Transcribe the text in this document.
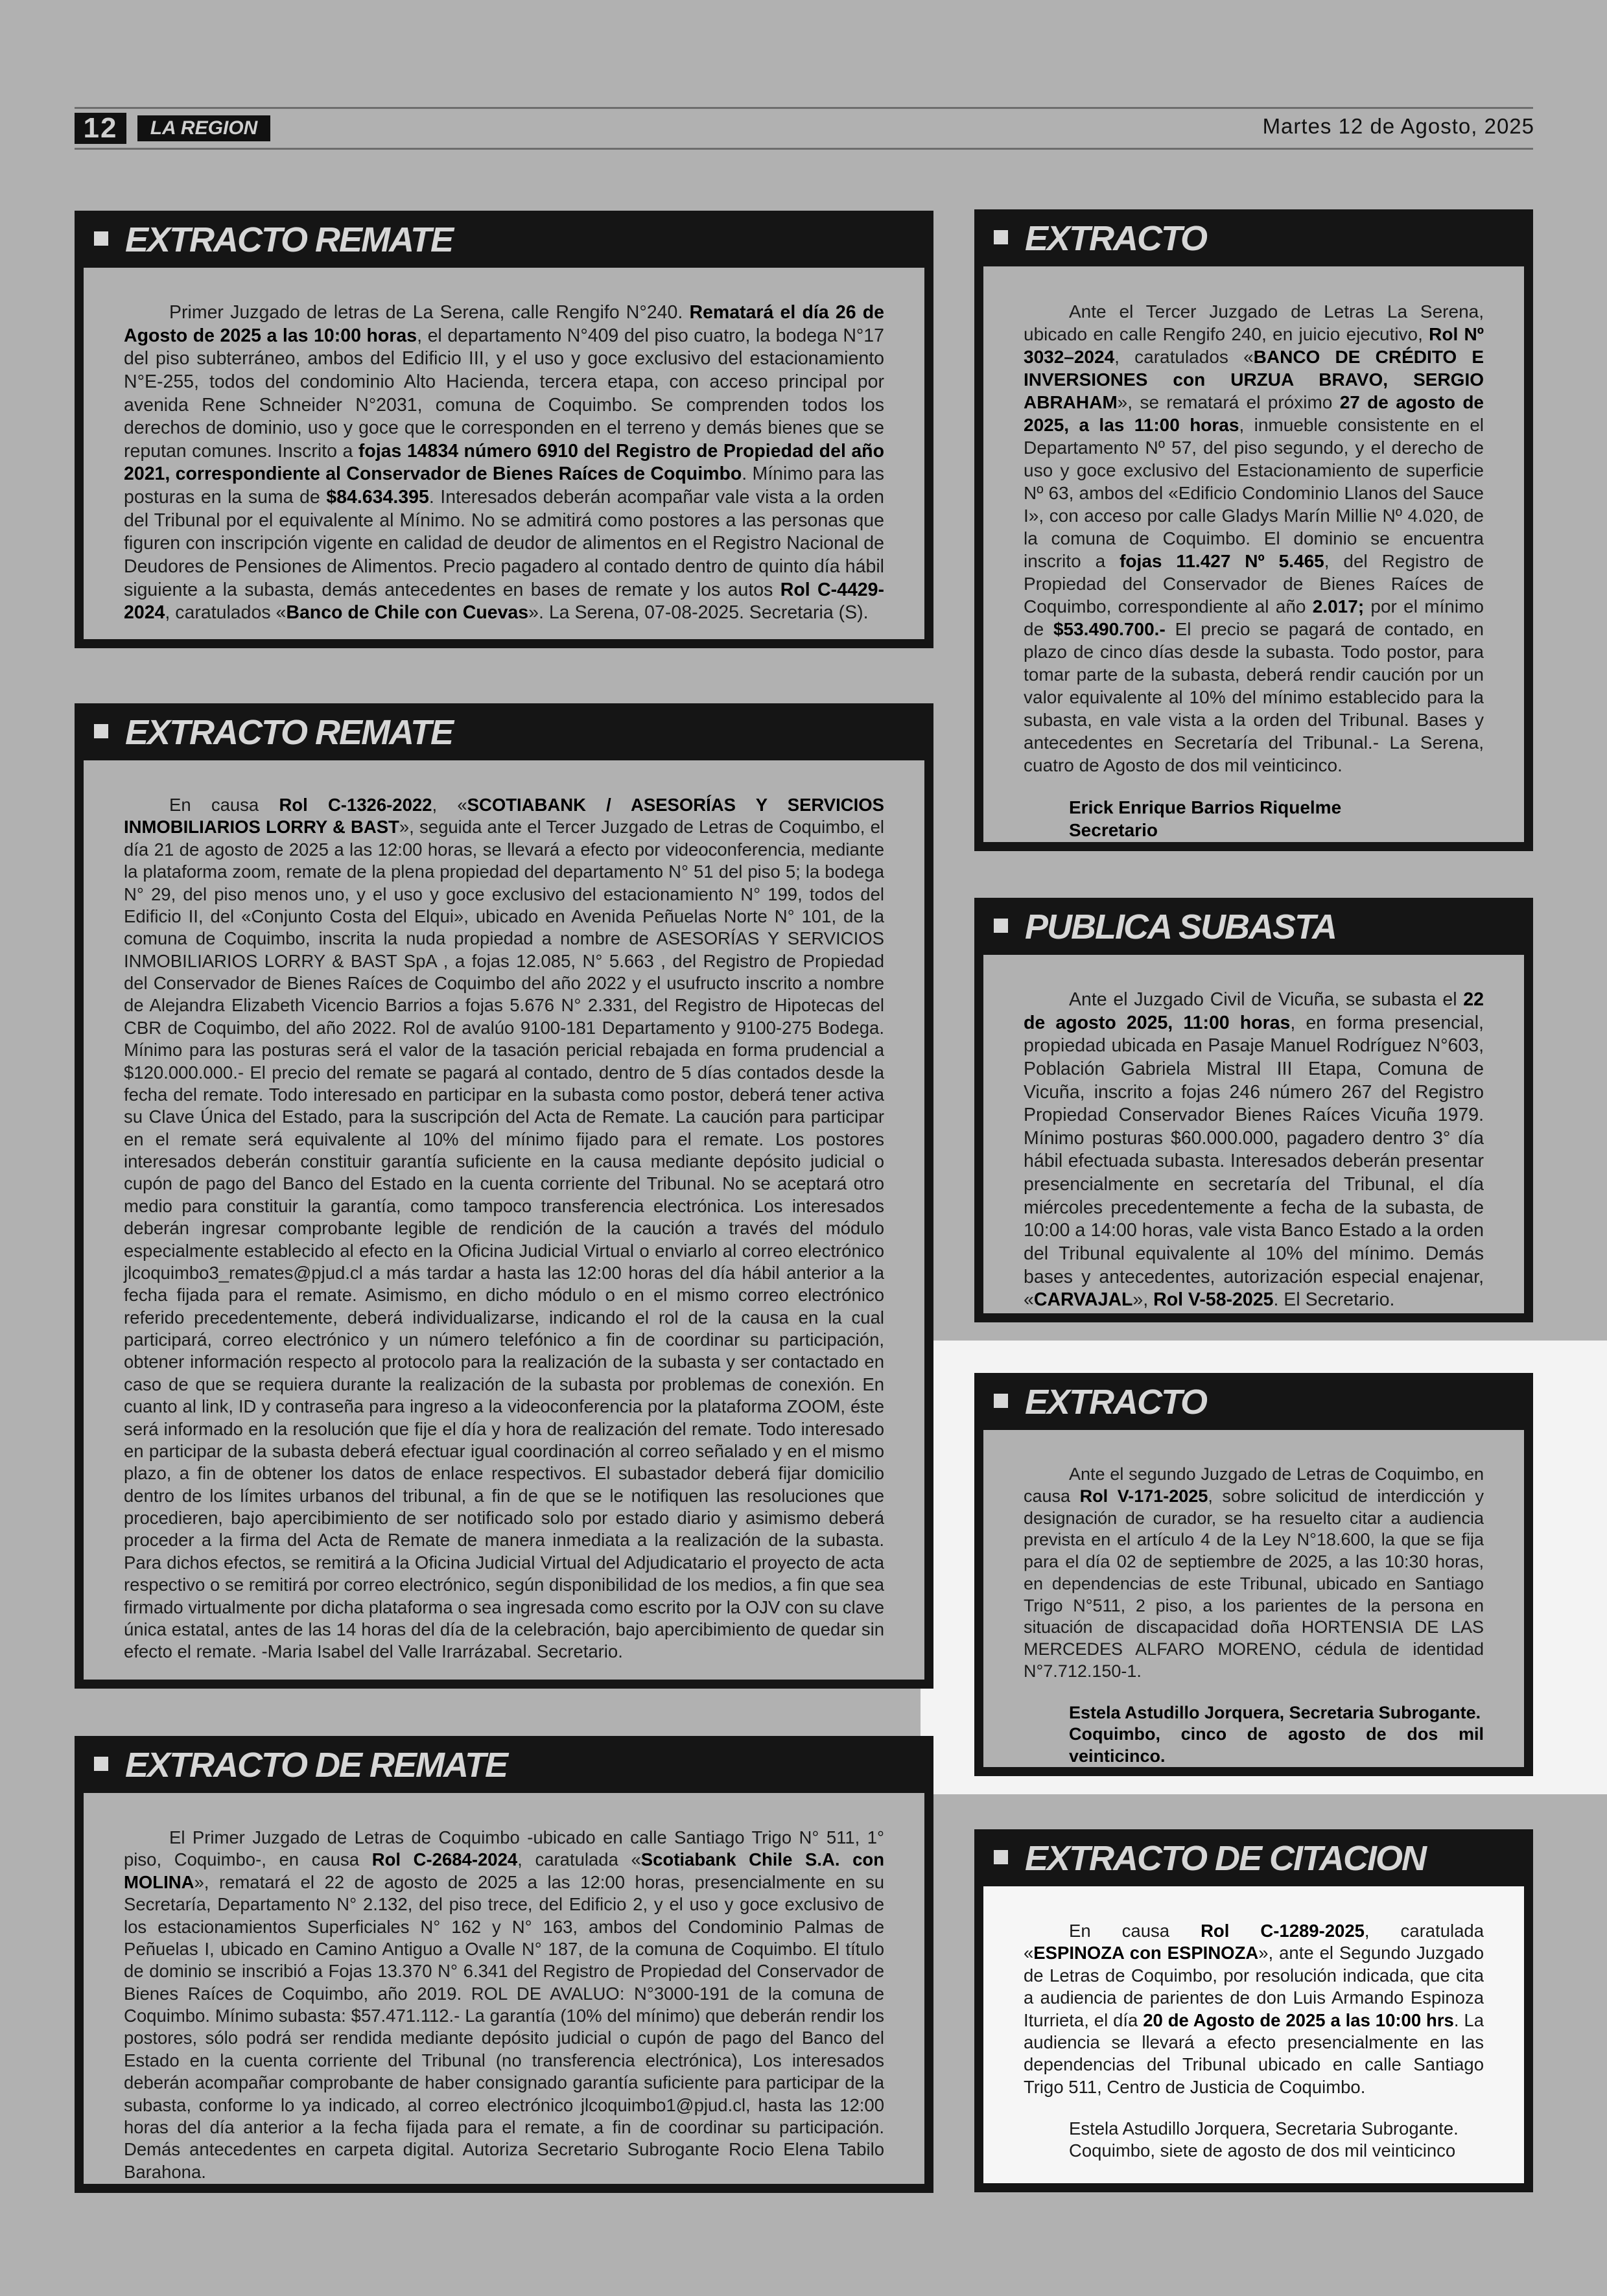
12	LA REGION	Martes 12 de Agosto, 2025
EXTRACTO REMATE

Primer Juzgado de letras de La Serena, calle Rengifo N°240. Rematará el día 26 de Agosto de 2025 a las 10:00 horas, el departamento N°409 del piso cuatro, la bodega N°17 del piso subterráneo, ambos del Edificio III, y el uso y goce exclusivo del estacionamiento N°E-255, todos del condominio Alto Hacienda, tercera etapa, con acceso principal por avenida Rene Schneider N°2031, comuna de Coquimbo. Se comprenden todos los derechos de dominio, uso y goce que le corresponden en el terreno y demás bienes que se reputan comunes. Inscrito a fojas 14834 número 6910 del Registro de Propiedad del año 2021, correspondiente al Conservador de Bienes Raíces de Coquimbo. Mínimo para las posturas en la suma de $84.634.395. Interesados deberán acompañar vale vista a la orden del Tribunal por el equivalente al Mínimo. No se admitirá como postores a las personas que figuren con inscripción vigente en calidad de deudor de alimentos en el Registro Nacional de Deudores de Pensiones de Alimentos. Precio pagadero al contado dentro de quinto día hábil siguiente a la subasta, demás antecedentes en bases de remate y los autos Rol C-4429-2024, caratulados «Banco de Chile con Cuevas». La Serena, 07-08-2025. Secretaria (S).

EXTRACTO REMATE

En causa Rol C-1326-2022, «SCOTIABANK / ASESORÍAS Y SERVICIOS INMOBILIARIOS LORRY & BAST», seguida ante el Tercer Juzgado de Letras de Coquimbo, el día 21 de agosto de 2025 a las 12:00 horas, se llevará a efecto por videoconferencia, mediante la plataforma zoom, remate de la plena propiedad del departamento N° 51 del piso 5; la bodega N° 29, del piso menos uno, y el uso y goce exclusivo del estacionamiento N° 199, todos del Edificio II, del «Conjunto Costa del Elqui», ubicado en Avenida Peñuelas Norte N° 101, de la comuna de Coquimbo, inscrita la nuda propiedad a nombre de ASESORÍAS Y SERVICIOS INMOBILIARIOS LORRY & BAST SpA , a fojas 12.085, N° 5.663 , del Registro de Propiedad del Conservador de Bienes Raíces de Coquimbo del año 2022 y el usufructo inscrito a nombre de Alejandra Elizabeth Vicencio Barrios a fojas 5.676 N° 2.331, del Registro de Hipotecas del CBR de Coquimbo, del año 2022. Rol de avalúo 9100-181 Departamento y 9100-275 Bodega. Mínimo para las posturas será el valor de la tasación pericial rebajada en forma prudencial a $120.000.000.- El precio del remate se pagará al contado, dentro de 5 días contados desde la fecha del remate. Todo interesado en participar en la subasta como postor, deberá tener activa su Clave Única del Estado, para la suscripción del Acta de Remate. La caución para participar en el remate será equivalente al 10% del mínimo fijado para el remate. Los postores interesados deberán constituir garantía suficiente en la causa mediante depósito judicial o cupón de pago del Banco del Estado en la cuenta corriente del Tribunal. No se aceptará otro medio para constituir la garantía, como tampoco transferencia electrónica. Los interesados deberán ingresar comprobante legible de rendición de la caución a través del módulo especialmente establecido al efecto en la Oficina Judicial Virtual o enviarlo al correo electrónico jlcoquimbo3_remates@pjud.cl a más tardar a hasta las 12:00 horas del día hábil anterior a la fecha fijada para el remate. Asimismo, en dicho módulo o en el mismo correo electrónico referido precedentemente, deberá individualizarse, indicando el rol de la causa en la cual participará, correo electrónico y un número telefónico a fin de coordinar su participación, obtener información respecto al protocolo para la realización de la subasta y ser contactado en caso de que se requiera durante la realización de la subasta por problemas de conexión. En cuanto al link, ID y contraseña para ingreso a la videoconferencia por la plataforma ZOOM, éste será informado en la resolución que fije el día y hora de realización del remate. Todo interesado en participar de la subasta deberá efectuar igual coordinación al correo señalado y en el mismo plazo, a fin de obtener los datos de enlace respectivos. El subastador deberá fijar domicilio dentro de los límites urbanos del tribunal, a fin de que se le notifiquen las resoluciones que procedieren, bajo apercibimiento de ser notificado solo por estado diario y asimismo deberá proceder a la firma del Acta de Remate de manera inmediata a la realización de la subasta. Para dichos efectos, se remitirá a la Oficina Judicial Virtual del Adjudicatario el proyecto de acta respectivo o se remitirá por correo electrónico, según disponibilidad de los medios, a fin que sea firmado virtualmente por dicha plataforma o sea ingresada como escrito por la OJV con su clave única estatal, antes de las 14 horas del día de la celebración, bajo apercibimiento de quedar sin efecto el remate. -Maria Isabel del Valle Irarrázabal. Secretario.

EXTRACTO DE REMATE

El Primer Juzgado de Letras de Coquimbo -ubicado en calle Santiago Trigo N° 511, 1° piso, Coquimbo-, en causa Rol C-2684-2024, caratulada «Scotiabank Chile S.A. con MOLINA», rematará el 22 de agosto de 2025 a las 12:00 horas, presencialmente en su Secretaría, Departamento N° 2.132, del piso trece, del Edificio 2, y el uso y goce exclusivo de los estacionamientos Superficiales N° 162 y N° 163, ambos del Condominio Palmas de Peñuelas I, ubicado en Camino Antiguo a Ovalle N° 187, de la comuna de Coquimbo. El título de dominio se inscribió a Fojas 13.370 N° 6.341 del Registro de Propiedad del Conservador de Bienes Raíces de Coquimbo, año 2019. ROL DE AVALUO: N°3000-191 de la comuna de Coquimbo. Mínimo subasta: $57.471.112.- La garantía (10% del mínimo) que deberán rendir los postores, sólo podrá ser rendida mediante depósito judicial o cupón de pago del Banco del Estado en la cuenta corriente del Tribunal (no transferencia electrónica), Los interesados deberán acompañar comprobante de haber consignado garantía suficiente para participar de la subasta, conforme lo ya indicado, al correo electrónico jlcoquimbo1@pjud.cl, hasta las 12:00 horas del día anterior a la fecha fijada para el remate, a fin de coordinar su participación. Demás antecedentes en carpeta digital. Autoriza Secretario Subrogante Rocio Elena Tabilo Barahona.

EXTRACTO

Ante el Tercer Juzgado de Letras La Serena, ubicado en calle Rengifo 240, en juicio ejecutivo, Rol Nº 3032–2024, caratulados «BANCO DE CRÉDITO E INVERSIONES con URZUA BRAVO, SERGIO ABRAHAM», se rematará el próximo 27 de agosto de 2025, a las 11:00 horas, inmueble consistente en el Departamento Nº 57, del piso segundo, y el derecho de uso y goce exclusivo del Estacionamiento de superficie Nº 63, ambos del «Edificio Condominio Llanos del Sauce I», con acceso por calle Gladys Marín Millie Nº 4.020, de la comuna de Coquimbo. El dominio se encuentra inscrito a fojas 11.427 Nº 5.465, del Registro de Propiedad del Conservador de Bienes Raíces de Coquimbo, correspondiente al año 2.017; por el mínimo de $53.490.700.- El precio se pagará de contado, en plazo de cinco días desde la subasta. Todo postor, para tomar parte de la subasta, deberá rendir caución por un valor equivalente al 10% del mínimo establecido para la subasta, en vale vista a la orden del Tribunal. Bases y antecedentes en Secretaría del Tribunal.- La Serena, cuatro de Agosto de dos mil veinticinco.

Erick Enrique Barrios Riquelme
Secretario

PUBLICA SUBASTA

Ante el Juzgado Civil de Vicuña, se subasta el 22 de agosto 2025, 11:00 horas, en forma presencial, propiedad ubicada en Pasaje Manuel Rodríguez N°603, Población Gabriela Mistral III Etapa, Comuna de Vicuña, inscrito a fojas 246 número 267 del Registro Propiedad Conservador Bienes Raíces Vicuña 1979. Mínimo posturas $60.000.000, pagadero dentro 3° día hábil efectuada subasta. Interesados deberán presentar presencialmente en secretaría del Tribunal, el día miércoles precedentemente a fecha de la subasta, de 10:00 a 14:00 horas, vale vista Banco Estado a la orden del Tribunal equivalente al 10% del mínimo. Demás bases y antecedentes, autorización especial enajenar, «CARVAJAL», Rol V-58-2025. El Secretario.

EXTRACTO

Ante el segundo Juzgado de Letras de Coquimbo, en causa Rol V-171-2025, sobre solicitud de interdicción y designación de curador, se ha resuelto citar a audiencia prevista en el artículo 4 de la Ley N°18.600, la que se fija para el día 02 de septiembre de 2025, a las 10:30 horas, en dependencias de este Tribunal, ubicado en Santiago Trigo N°511, 2 piso, a los parientes de la persona en situación de discapacidad doña HORTENSIA DE LAS MERCEDES ALFARO MORENO, cédula de identidad N°7.712.150-1.

Estela Astudillo Jorquera, Secretaria Subrogante.
Coquimbo, cinco de agosto de dos mil veinticinco.

EXTRACTO DE CITACION

En causa Rol C-1289-2025, caratulada «ESPINOZA con ESPINOZA», ante el Segundo Juzgado de Letras de Coquimbo, por resolución indicada, que cita a audiencia de parientes de don Luis Armando Espinoza Iturrieta, el día 20 de Agosto de 2025 a las 10:00 hrs. La audiencia se llevará a efecto presencialmente en las dependencias del Tribunal ubicado en calle Santiago Trigo 511, Centro de Justicia de Coquimbo.

Estela Astudillo Jorquera, Secretaria Subrogante.
Coquimbo, siete de agosto de dos mil veinticinco
